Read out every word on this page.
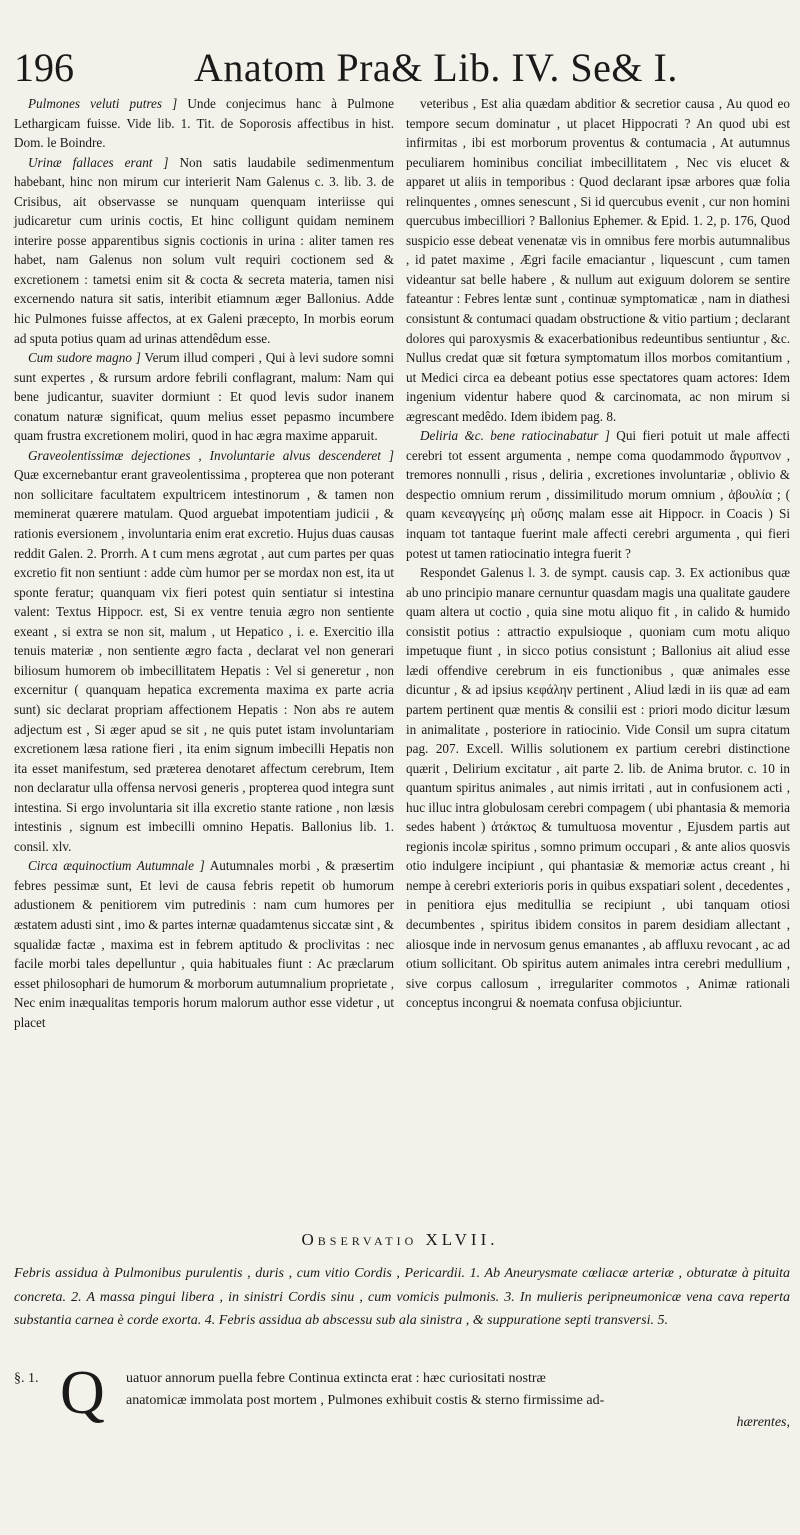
196	Anatom Pra& Lib. IV. Se& I.

Pulmones veluti putres ] Unde conjecimus hanc à Pulmone Lethargicam fuisse. Vide lib. 1. Tit. de Soporosis affectibus in hist. Dom. le Boindre.

Urinæ fallaces erant ] Non satis laudabile sedimenmentum habebant, hinc non mirum cur interierit Nam Galenus c. 3. lib. 3. de Crisibus, ait observasse se nunquam quenquam interiisse qui judicaretur cum urinis coctis, Et hinc colligunt quidam neminem interire posse apparentibus signis coctionis in urina : aliter tamen res habet, nam Galenus non solum vult requiri coctionem sed & excretionem : tametsi enim sit & cocta & secreta materia, tamen nisi excernendo natura sit satis, interibit etiamnum æger Ballonius. Adde hic Pulmones fuisse affectos, at ex Galeni præcepto, In morbis eorum ad sputa potius quam ad urinas attendêdum esse.

Cum sudore magno ] Verum illud comperi , Qui à levi sudore somni sunt expertes , & rursum ardore febrili conflagrant, malum: Nam qui bene judicantur, suaviter dormiunt : Et quod levis sudor inanem conatum naturæ significat, quum melius esset pepasmo incumbere quam frustra excretionem moliri, quod in hac ægra maxime apparuit.

Graveolentissimæ dejectiones , Involuntarie alvus descenderet ] Quæ excernebantur erant graveolentissima , propterea que non poterant non sollicitare facultatem expultricem intestinorum , & tamen non meminerat quærere matulam. Quod arguebat impotentiam judicii , & rationis eversionem , involuntaria enim erat excretio. Hujus duas causas reddit Galen. 2. Prorrh. A t cum mens ægrotat , aut cum partes per quas excretio fit non sentiunt : adde cùm humor per se mordax non est, ita ut sponte feratur; quanquam vix fieri potest quin sentiatur si intestina valent: Textus Hippocr. est, Si ex ventre tenuia ægro non sentiente exeant , si extra se non sit, malum , ut Hepatico , i. e. Exercitio illa tenuis materiæ , non sentiente ægro facta , declarat vel non generari biliosum humorem ob imbecillitatem Hepatis : Vel si generetur , non excernitur ( quanquam hepatica excrementa maxima ex parte acria sunt) sic declarat propriam affectionem Hepatis : Non abs re autem adjectum est , Si æger apud se sit , ne quis putet istam involuntariam excretionem læsa ratione fieri , ita enim signum imbecilli Hepatis non ita esset manifestum, sed præterea denotaret affectum cerebrum, Item non declaratur ulla offensa nervosi generis , propterea quod integra sunt intestina. Si ergo involuntaria sit illa excretio stante ratione , non læsis intestinis , signum est imbecilli omnino Hepatis. Ballonius lib. 1. consil. xlv.

Circa æquinoctium Autumnale ] Autumnales morbi , & præsertim febres pessimæ sunt, Et levi de causa febris repetit ob humorum adustionem & penitiorem vim putredinis : nam cum humores per æstatem adusti sint , imo & partes internæ quadamtenus siccatæ sint , & squalidæ factæ , maxima est in febrem aptitudo & proclivitas : nec facile morbi tales depelluntur , quia habituales fiunt : Ac præclarum esset philosophari de humorum & morborum autumnalium proprietate , Nec enim inæqualitas temporis horum malorum author esse videtur , ut placet

veteribus , Est alia quædam abditior & secretior causa , Au quod eo tempore secum dominatur , ut placet Hippocrati ? An quod ubi est infirmitas , ibi est morborum proventus & contumacia , At autumnus peculiarem hominibus conciliat imbecillitatem , Nec vis elucet & apparet ut aliis in temporibus : Quod declarant ipsæ arbores quæ folia relinquentes , omnes senescunt , Si id quercubus evenit , cur non homini quercubus imbecilliori ? Ballonius Ephemer. & Epid. 1. 2, p. 176, Quod suspicio esse debeat venenatæ vis in omnibus fere morbis autumnalibus , id patet maxime , Ægri facile emaciantur , liquescunt , cum tamen videantur sat belle habere , & nullum aut exiguum dolorem se sentire fateantur : Febres lentæ sunt , continuæ symptomaticæ , nam in diathesi consistunt & contumaci quadam obstructione & vitio partium ; declarant dolores qui paroxysmis & exacerbationibus redeuntibus sentiuntur , &c. Nullus credat quæ sit fœtura symptomatum illos morbos comitantium , ut Medici circa ea debeant potius esse spectatores quam actores: Idem ingenium videntur habere quod & carcinomata, ac non mirum si ægrescant medêdo. Idem ibidem pag. 8.

Deliria &c. bene ratiocinabatur ] Qui fieri potuit ut male affecti cerebri tot essent argumenta , nempe coma quodammodo ἄγρυπνον , tremores nonnulli , risus , deliria , excretiones involuntariæ , oblivio & despectio omnium rerum , dissimilitudo morum omnium , ἀβουλία ; ( quam κενεαγγείης μὴ οὔσης malam esse ait Hippocr. in Coacis ) Si inquam tot tantaque fuerint male affecti cerebri argumenta , qui fieri potest ut tamen ratiocinatio integra fuerit ?

Respondet Galenus l. 3. de sympt. causis cap. 3. Ex actionibus quæ ab uno principio manare cernuntur quasdam magis una qualitate gaudere quam altera ut coctio , quia sine motu aliquo fit , in calido & humido consistit potius : attractio expulsioque , quoniam cum motu aliquo impetuque fiunt , in sicco potius consistunt ; Ballonius ait aliud esse lædi offendive cerebrum in eis functionibus , quæ animales esse dicuntur , & ad ipsius κεφάλην pertinent , Aliud lædi in iis quæ ad eam partem pertinent quæ mentis & consilii est : priori modo dicitur læsum in animalitate , posteriore in ratiocinio. Vide Consil um supra citatum pag. 207. Excell. Willis solutionem ex partium cerebri distinctione quærit , Delirium excitatur , ait parte 2. lib. de Anima brutor. c. 10 in quantum spiritus animales , aut nimis irritati , aut in confusionem acti , huc illuc intra globulosam cerebri compagem ( ubi phantasia & memoria sedes habent ) ἀτάκτως & tumultuosa moventur , Ejusdem partis aut regionis incolæ spiritus , somno primum occupari , & ante alios quosvis otio indulgere incipiunt , qui phantasiæ & memoriæ actus creant , hi nempe à cerebri exterioris poris in quibus exspatiari solent , decedentes , in penitiora ejus meditullia se recipiunt , ubi tanquam otiosi decumbentes , spiritus ibidem consitos in parem desidiam allectant , aliosque inde in nervosum genus emanantes , ab affluxu revocant , ac ad otium sollicitant. Ob spiritus autem animales intra cerebri medullium , sive corpus callosum , irregulariter commotos , Animæ rationali conceptus incongrui & noemata confusa objiciuntur.

Observatio XLVII.
Febris assidua à Pulmonibus purulentis , duris , cum vitio Cordis , Pericardii. 1. Ab Aneurysmate cœliacæ arteriæ , obturatæ à pituita concreta. 2. A massa pingui libera , in sinistri Cordis sinu , cum vomicis pulmonis. 3. In mulieris peripneumonicæ vena cava reperta substantia carnea è corde exorta. 4. Febris assidua ab abscessu sub ala sinistra , & suppuratione septi transversi. 5.
§. 1. Q uatuor annorum puella febre Continua extincta erat : hæc curiositati nostræ
anatomicæ immolata post mortem , Pulmones exhibuit costis & sterno firmissime ad-
hærentes,
